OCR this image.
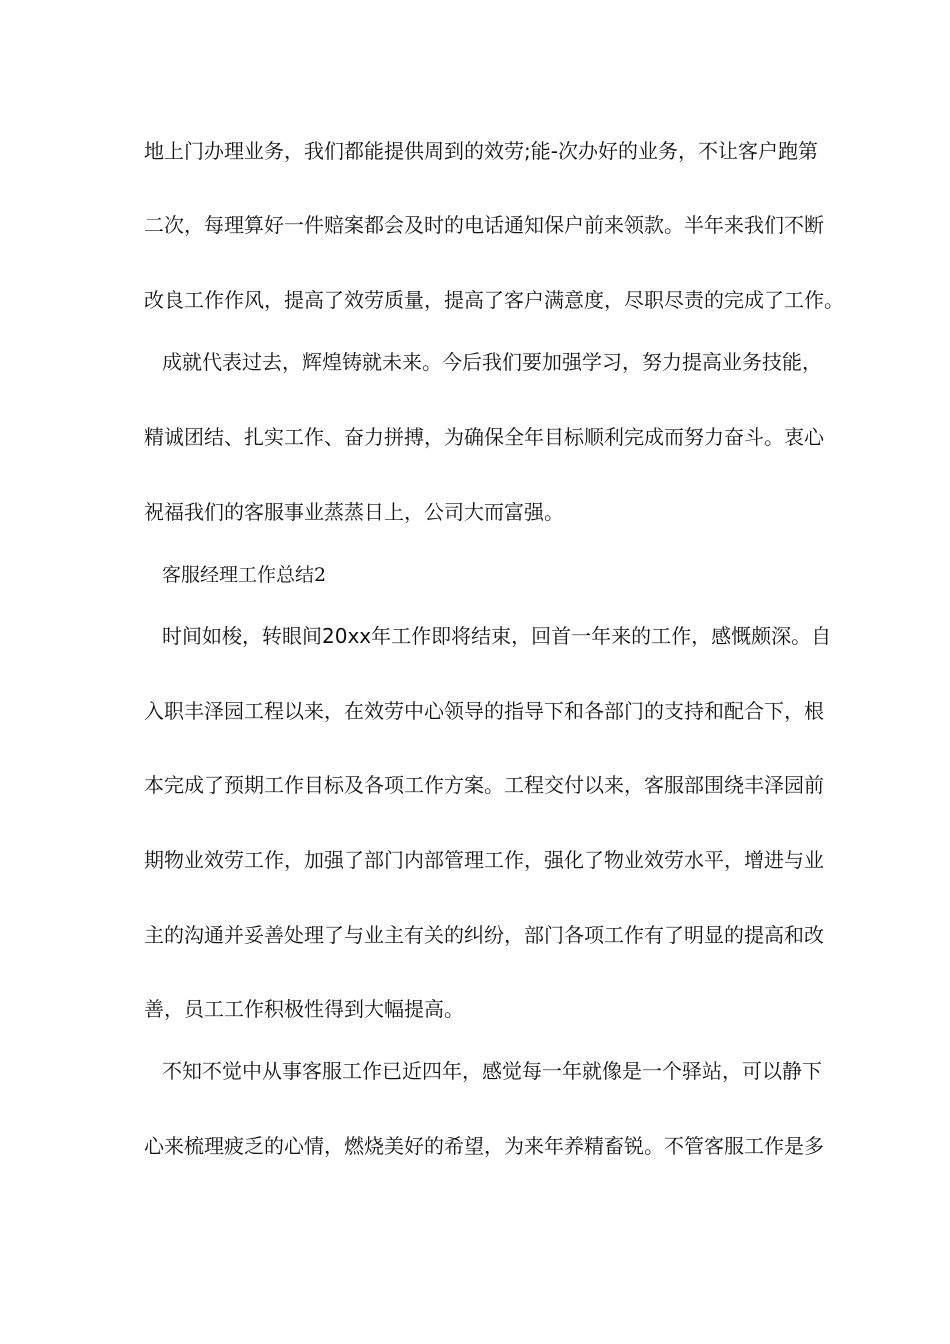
地上门办理业务，我们都能提供周到的效劳;能-次办好的业务，不让客户跑第
二次，每理算好一件赔案都会及时的电话通知保户前来领款。半年来我们不断
改良工作作风，提高了效劳质量，提高了客户满意度，尽职尽责的完成了工作。
成就代表过去，辉煌铸就未来。今后我们要加强学习，努力提高业务技能，
精诚团结、扎实工作、奋力拼搏，为确保全年目标顺利完成而努力奋斗。衷心
祝福我们的客服事业蒸蒸日上，公司大而富强。
客服经理工作总结2
时间如梭，转眼间20xx年工作即将结束，回首一年来的工作，感慨颇深。自
入职丰泽园工程以来，在效劳中心领导的指导下和各部门的支持和配合下，根
本完成了预期工作目标及各项工作方案。工程交付以来，客服部围绕丰泽园前
期物业效劳工作，加强了部门内部管理工作，强化了物业效劳水平，增进与业
主的沟通并妥善处理了与业主有关的纠纷，部门各项工作有了明显的提高和改
善，员工工作积极性得到大幅提高。
不知不觉中从事客服工作已近四年，感觉每一年就像是一个驿站，可以静下
心来梳理疲乏的心情，燃烧美好的希望，为来年养精畜锐。不管客服工作是多
